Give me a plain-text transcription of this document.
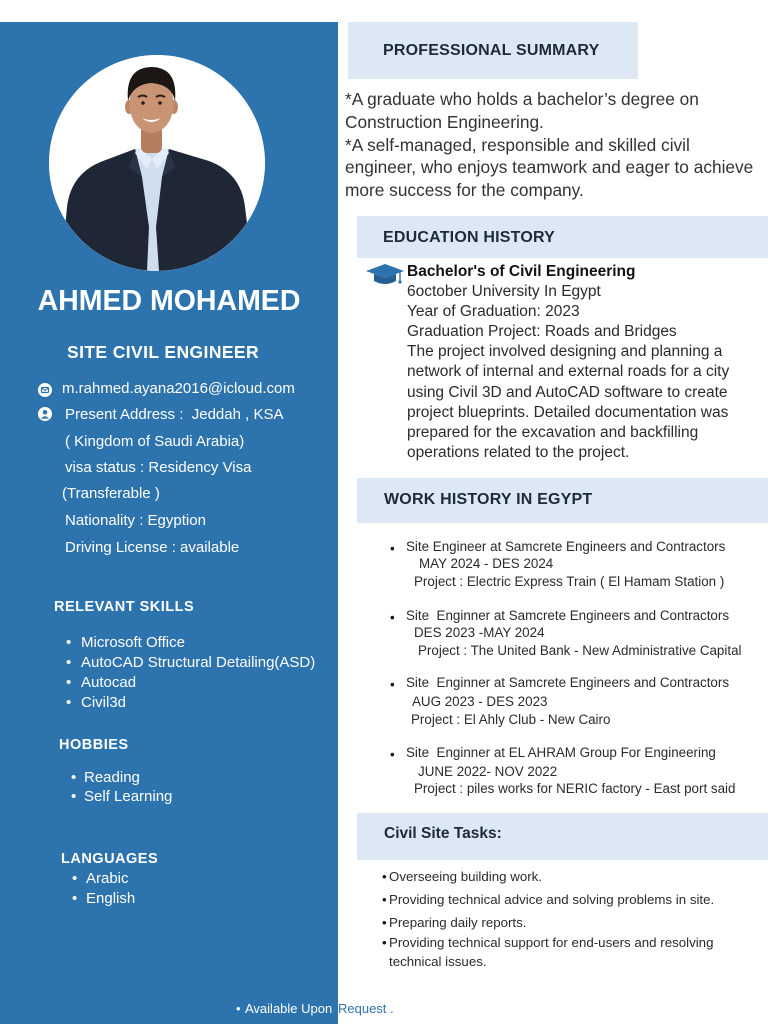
AHMED MOHAMED
SITE CIVIL ENGINEER
m.rahmed.ayana2016@icloud.com
Present Address :  Jeddah , KSA
( Kingdom of Saudi Arabia)
visa status : Residency Visa
(Transferable )
Nationality : Egyption
Driving License : available
RELEVANT SKILLS
• Microsoft Office
• AutoCAD Structural Detailing(ASD)
• Autocad
• Civil3d
HOBBIES
• Reading
• Self Learning
LANGUAGES
• Arabic
• English
PROFESSIONAL SUMMARY
*A graduate who holds a bachelor’s degree on
Construction Engineering.
*A self-managed, responsible and skilled civil
engineer, who enjoys teamwork and eager to achieve
more success for the company.
EDUCATION HISTORY
Bachelor's of Civil Engineering
6october University In Egypt
Year of Graduation: 2023
Graduation Project: Roads and Bridges
The project involved designing and planning a
network of internal and external roads for a city
using Civil 3D and AutoCAD software to create
project blueprints. Detailed documentation was
prepared for the excavation and backfilling
operations related to the project.
WORK HISTORY IN EGYPT
• Site Engineer at Samcrete Engineers and Contractors
MAY 2024 - DES 2024
Project : Electric Express Train ( El Hamam Station )
• Site  Enginner at Samcrete Engineers and Contractors
DES 2023 -MAY 2024
Project : The United Bank - New Administrative Capital
• Site  Enginner at Samcrete Engineers and Contractors
AUG 2023 - DES 2023
Project : El Ahly Club - New Cairo
• Site  Enginner at EL AHRAM Group For Engineering
JUNE 2022- NOV 2022
Project : piles works for NERIC factory - East port said
Civil Site Tasks:
• Overseeing building work.
• Providing technical advice and solving problems in site.
• Preparing daily reports.
• Providing technical support for end-users and resolving technical issues.
•
Available Upon Request .
